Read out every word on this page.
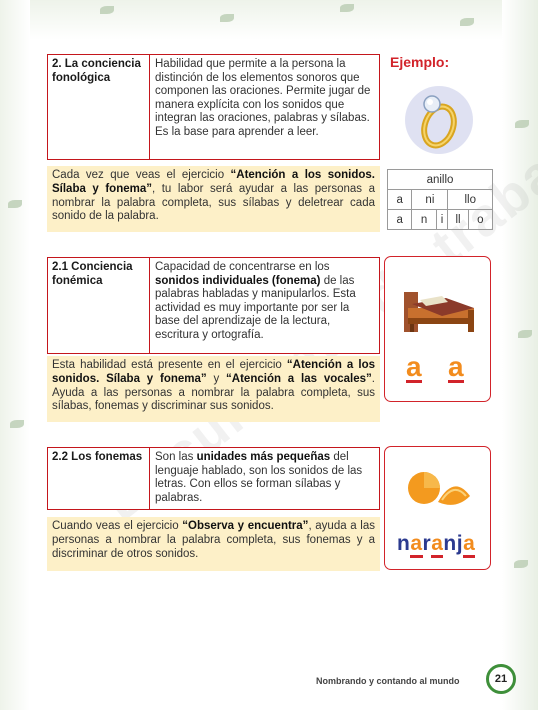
trabajo
2. La conciencia fonológica
Habilidad que permite a la persona la distinción de los elementos sonoros que componen las oraciones. Permite jugar de manera explícita con los sonidos que integran las oraciones, palabras y sílabas. Es la base para aprender a leer.
Cada vez que veas el ejercicio “Atención a los sonidos. Sílaba y fonema”, tu labor será ayudar a las personas a nombrar la palabra completa, sus sílabas y deletrear cada sonido de la palabra.
Ejemplo:
anillo				
a	ni		llo	
a	n	i	ll	o
2.1 Conciencia fonémica
Capacidad de concentrarse en los sonidos individuales (fonema) de las palabras habladas y manipularlos. Esta actividad es muy importante por ser la base del aprendizaje de la lectura, escritura y ortografía.
Esta habilidad está presente en el ejercicio “Atención a los sonidos. Sílaba y fonema” y “Atención a las vocales”. Ayuda a las personas a nombrar la palabra completa, sus sílabas, fonemas y discriminar sus sonidos.
a a
2.2 Los fonemas	Son las unidades más pequeñas del lenguaje hablado, son los sonidos de las letras. Con ellos se forman sílabas y palabras.
Cuando veas el ejercicio “Observa y encuentra”, ayuda a las personas a nombrar la palabra completa, sus fonemas y a discriminar de otros sonidos.	naranja
Nombrando y contando al mundo	21
